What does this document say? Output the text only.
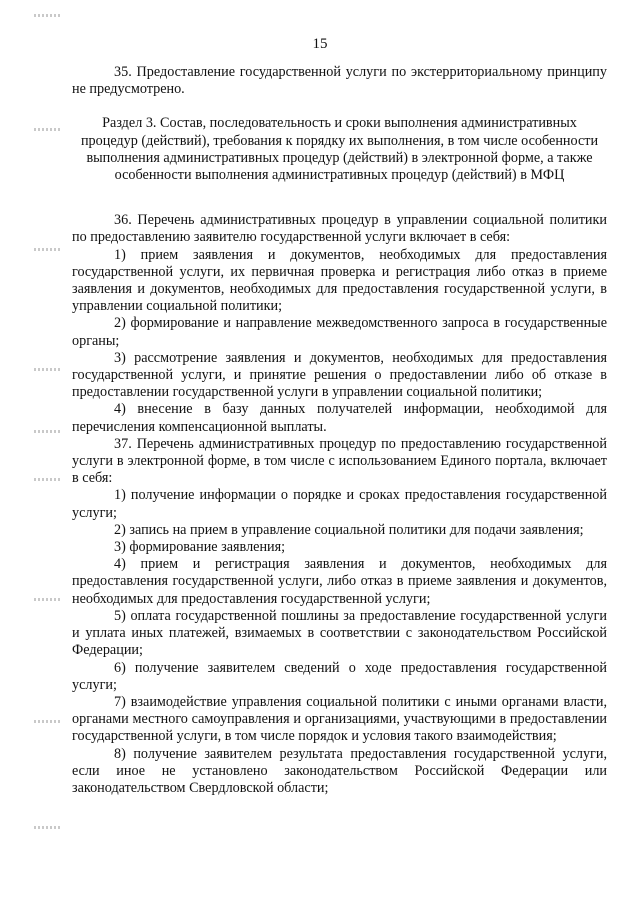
15

35. Предоставление государственной услуги по экстерриториальному принципу не предусмотрено.

Раздел 3. Состав, последовательность и сроки выполнения административных процедур (действий), требования к порядку их выполнения, в том числе особенности выполнения административных процедур (действий) в электронной форме, а также особенности выполнения административных процедур (действий) в МФЦ

36. Перечень административных процедур в управлении социальной политики по предоставлению заявителю государственной услуги включает в себя:

1) прием заявления и документов, необходимых для предоставления государственной услуги, их первичная проверка и регистрация либо отказ в приеме заявления и документов, необходимых для предоставления государственной услуги, в управлении социальной политики;

2) формирование и направление межведомственного запроса в государственные органы;

3) рассмотрение заявления и документов, необходимых для предоставления государственной услуги, и принятие решения о предоставлении либо об отказе в предоставлении государственной услуги в управлении социальной политики;

4) внесение в базу данных получателей информации, необходимой для перечисления компенсационной выплаты.

37. Перечень административных процедур по предоставлению государственной услуги в электронной форме, в том числе с использованием Единого портала, включает в себя:

1) получение информации о порядке и сроках предоставления государственной услуги;

2) запись на прием в управление социальной политики для подачи заявления;

3) формирование заявления;

4) прием и регистрация заявления и документов, необходимых для предоставления государственной услуги, либо отказ в приеме заявления и документов, необходимых для предоставления государственной услуги;

5) оплата государственной пошлины за предоставление государственной услуги и уплата иных платежей, взимаемых в соответствии с законодательством Российской Федерации;

6) получение заявителем сведений о ходе предоставления государственной услуги;

7) взаимодействие управления социальной политики с иными органами власти, органами местного самоуправления и организациями, участвующими в предоставлении государственной услуги, в том числе порядок и условия такого взаимодействия;

8) получение заявителем результата предоставления государственной услуги, если иное не установлено законодательством Российской Федерации или законодательством Свердловской области;
